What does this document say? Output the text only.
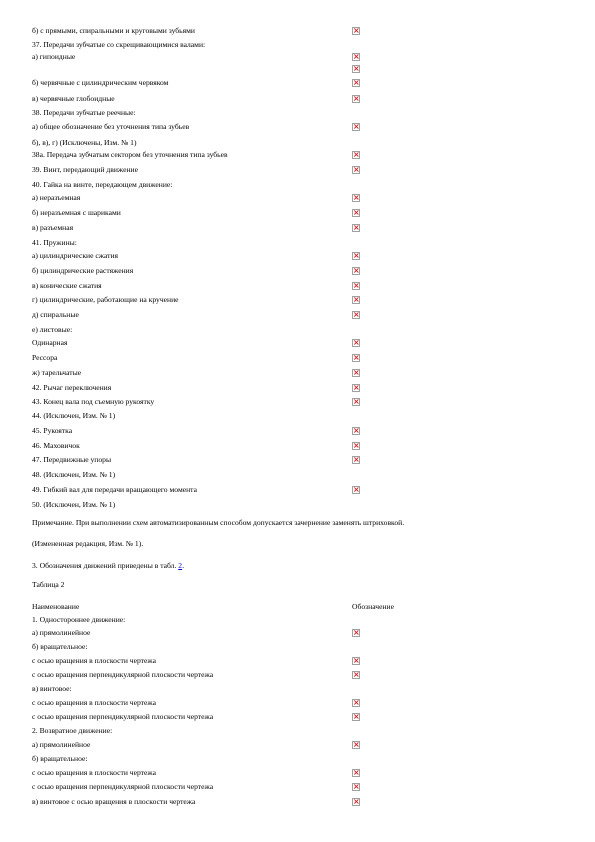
б) с прямыми, спиральными и круговыми зубьями
×
37. Передачи зубчатые со скрещивающимися валами:
а) гипоидные
×
×
б) червячные с цилиндрическим червяком
×
в) червячные глобоидные
×
38. Передачи зубчатые реечные:
а) общее обозначение без уточнения типа зубьев
×
б), в), г) (Исключены, Изм. № 1)
38а. Передача зубчатым сектором без уточнения типа зубьев
×
39. Винт, передающий движение
×
40. Гайка на винте, передающем движение:
а) неразъемная
×
б) неразъемная с шариками
×
в) разъемная
×
41. Пружины:
а) цилиндрические сжатия
×
б) цилиндрические растяжения
×
в) конические сжатия
×
г) цилиндрические, работающие на кручение
×
д) спиральные
×
е) листовые:
Одинарная
×
Рессора
×
ж) тарельчатые
×
42. Рычаг переключения
×
43. Конец вала под съемную рукоятку
×
44. (Исключен, Изм. № 1)
45. Рукоятка
×
46. Маховичок
×
47. Передвижные упоры
×
48. (Исключен, Изм. № 1)
49. Гибкий вал для передачи вращающего момента
×
50. (Исключен, Изм. № 1)
Примечание. При выполнении схем автоматизированным способом допускается зачернение заменять штриховкой.
(Измененная редакция, Изм. № 1).
3. Обозначения движений приведены в табл. 2.
Таблица 2
Наименование	Обозначение
1. Одностороннее движение:
а) прямолинейное
×
б) вращательное:
с осью вращения в плоскости чертежа
×
с осью вращения перпендикулярной плоскости чертежа
×
в) винтовое:
с осью вращения в плоскости чертежа
×
с осью вращения перпендикулярной плоскости чертежа
×
2. Возвратное движение:
а) прямолинейное
×
б) вращательное:
с осью вращения в плоскости чертежа
×
с осью вращения перпендикулярной плоскости чертежа
×
в) винтовое с осью вращения в плоскости чертежа
×
